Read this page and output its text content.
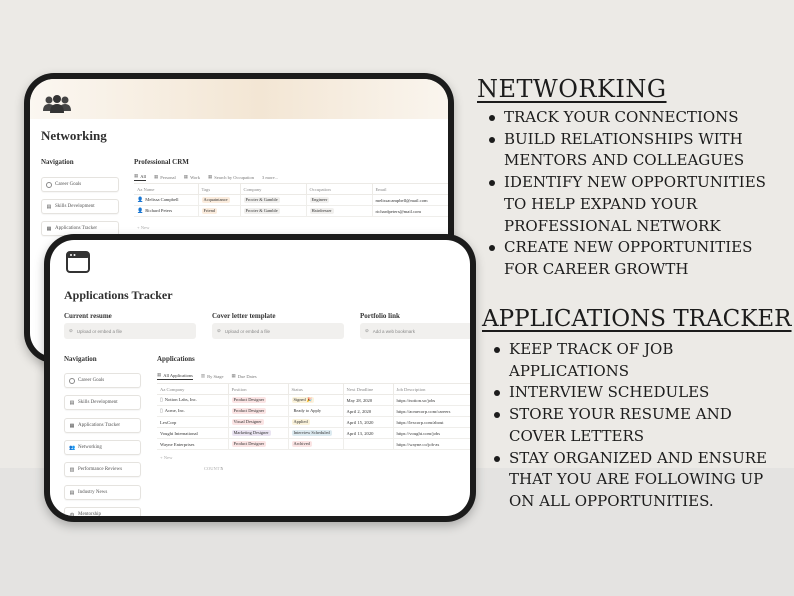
Networking
Navigation
Career Goals
▤ Skills Development
▦ Applications Tracker
Professional CRM
▦ All ▦ Personal ▦ Work ▦ Search by Occupation 3 more...
Aa Name	Tags	Company	Occupation	Email
👤 Melissa Campbell	Acquaintance	Procter & Gamble	Engineer	melissacampbell@mail.com
👤 Richard Peters	Friend	Procter & Gamble	Hairdresser	richardpeters@mail.com
+ New
Applications Tracker
Current resume
⊘ Upload or embed a file
Cover letter template
⊘ Upload or embed a file
Portfolio link
⊘ Add a web bookmark
Navigation
Career Goals
▤ Skills Development
▦ Applications Tracker
👥 Networking
▥ Performance Reviews
▤ Industry News
◍ Mentorship
Applications
▦ All Applications ▥ By Stage ▦ Due Dates
Aa Company	Position	Status	Next Deadline	Job Description
▯ Notion Labs, Inc.	Product Designer	Signed 🎉	May 28, 2020	https://notion.so/jobs
▯ Acme, Inc.	Product Designer	Ready to Apply	April 2, 2020	https://acmecorp.com/careers
LexCorp	Visual Designer	Applied	April 15, 2020	https://lexcorp.com/about
Vought International	Marketing Designer	Interview Scheduled	April 13, 2020	https://vought.com/jobs
Wayne Enterprises	Product Designer	Archived		https://wayne.co/job-as
+ New
COUNT 5
NETWORKING
TRACK YOUR CONNECTIONS
BUILD RELATIONSHIPS WITH MENTORS AND COLLEAGUES
IDENTIFY NEW OPPORTUNITIES TO HELP EXPAND YOUR PROFESSIONAL NETWORK
CREATE NEW OPPORTUNITIES FOR CAREER GROWTH
APPLICATIONS TRACKER
KEEP TRACK OF JOB APPLICATIONS
INTERVIEW SCHEDULES
STORE YOUR RESUME AND COVER LETTERS
STAY ORGANIZED AND ENSURE THAT YOU ARE FOLLOWING UP ON ALL OPPORTUNITIES.
